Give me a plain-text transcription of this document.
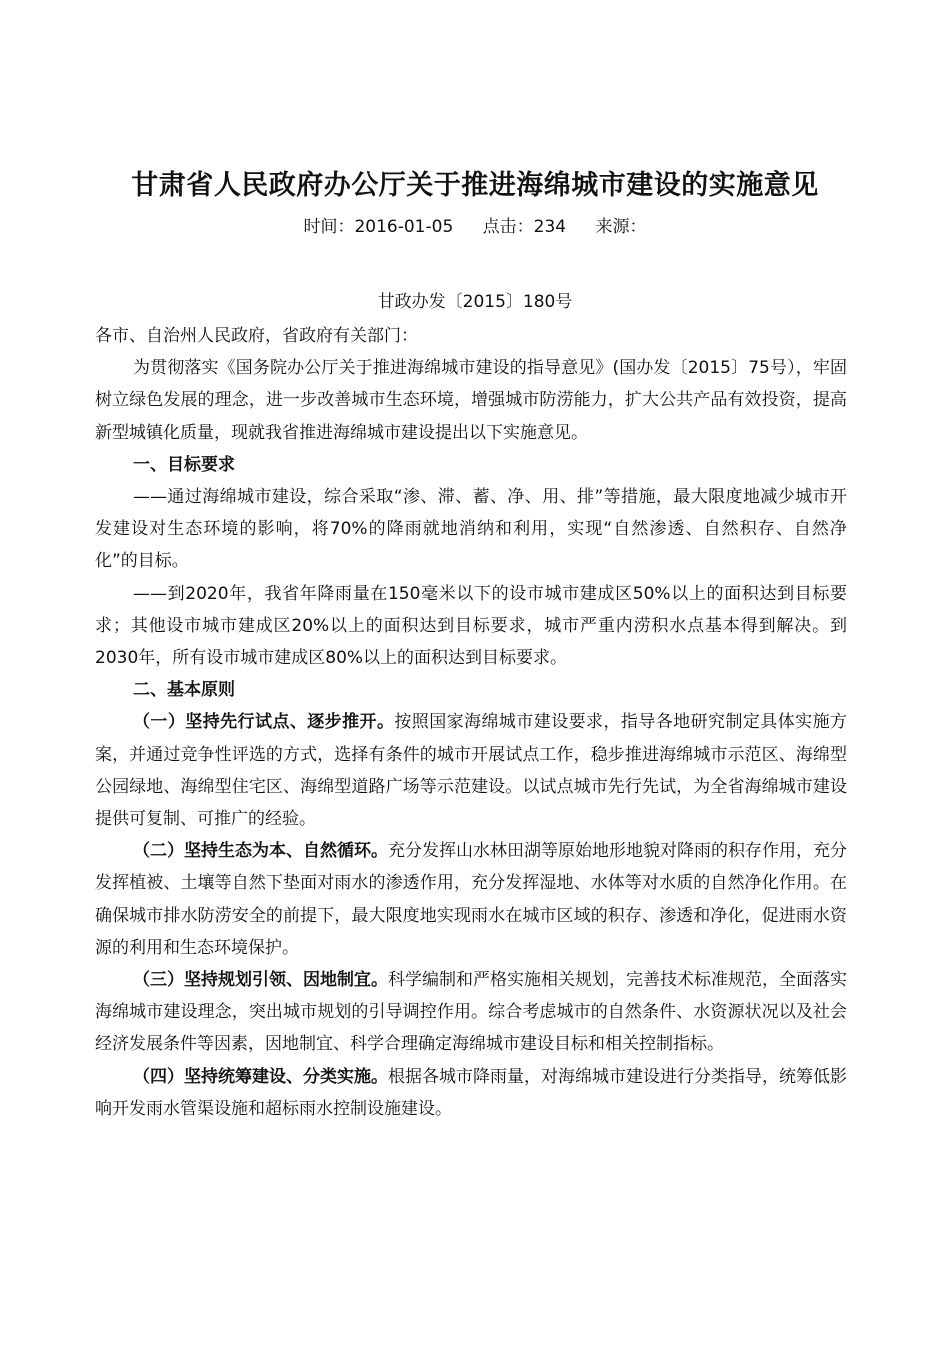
甘肃省人民政府办公厅关于推进海绵城市建设的实施意见
时间：2016-01-05 点击：234 来源：
甘政办发〔2015〕180号

各市、自治州人民政府，省政府有关部门：

为贯彻落实《国务院办公厅关于推进海绵城市建设的指导意见》(国办发〔2015〕75号），牢固树立绿色发展的理念，进一步改善城市生态环境，增强城市防涝能力，扩大公共产品有效投资，提高新型城镇化质量，现就我省推进海绵城市建设提出以下实施意见。

一、目标要求

——通过海绵城市建设，综合采取“渗、滞、蓄、净、用、排”等措施，最大限度地减少城市开发建设对生态环境的影响，将70%的降雨就地消纳和利用，实现“自然渗透、自然积存、自然净化”的目标。

——到2020年，我省年降雨量在150毫米以下的设市城市建成区50%以上的面积达到目标要求；其他设市城市建成区20%以上的面积达到目标要求，城市严重内涝积水点基本得到解决。到2030年，所有设市城市建成区80%以上的面积达到目标要求。

二、基本原则

（一）坚持先行试点、逐步推开。按照国家海绵城市建设要求，指导各地研究制定具体实施方案，并通过竞争性评选的方式，选择有条件的城市开展试点工作，稳步推进海绵城市示范区、海绵型公园绿地、海绵型住宅区、海绵型道路广场等示范建设。以试点城市先行先试，为全省海绵城市建设提供可复制、可推广的经验。

（二）坚持生态为本、自然循环。充分发挥山水林田湖等原始地形地貌对降雨的积存作用，充分发挥植被、土壤等自然下垫面对雨水的渗透作用，充分发挥湿地、水体等对水质的自然净化作用。在确保城市排水防涝安全的前提下，最大限度地实现雨水在城市区域的积存、渗透和净化，促进雨水资源的利用和生态环境保护。

（三）坚持规划引领、因地制宜。科学编制和严格实施相关规划，完善技术标准规范，全面落实海绵城市建设理念，突出城市规划的引导调控作用。综合考虑城市的自然条件、水资源状况以及社会经济发展条件等因素，因地制宜、科学合理确定海绵城市建设目标和相关控制指标。

（四）坚持统筹建设、分类实施。根据各城市降雨量，对海绵城市建设进行分类指导，统筹低影响开发雨水管渠设施和超标雨水控制设施建设。
